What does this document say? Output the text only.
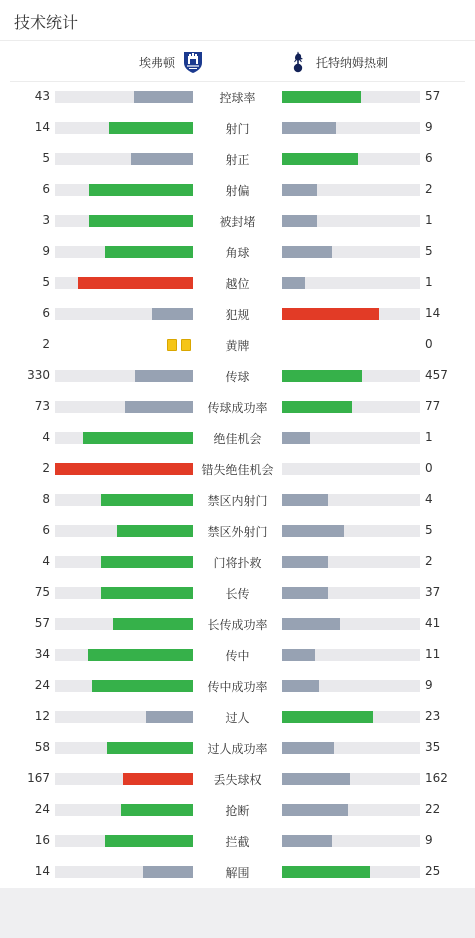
技术统计
埃弗顿	托特纳姆热刺
43	控球率	57
14	射门	9
5	射正	6
6	射偏	2
3	被封堵	1
9	角球	5
5	越位	1
6	犯规	14
2	黄牌	0
330	传球	457
73	传球成功率	77
4	绝佳机会	1
2	错失绝佳机会	0
8	禁区内射门	4
6	禁区外射门	5
4	门将扑救	2
75	长传	37
57	长传成功率	41
34	传中	11
24	传中成功率	9
12	过人	23
58	过人成功率	35
167	丢失球权	162
24	抢断	22
16	拦截	9
14	解围	25
